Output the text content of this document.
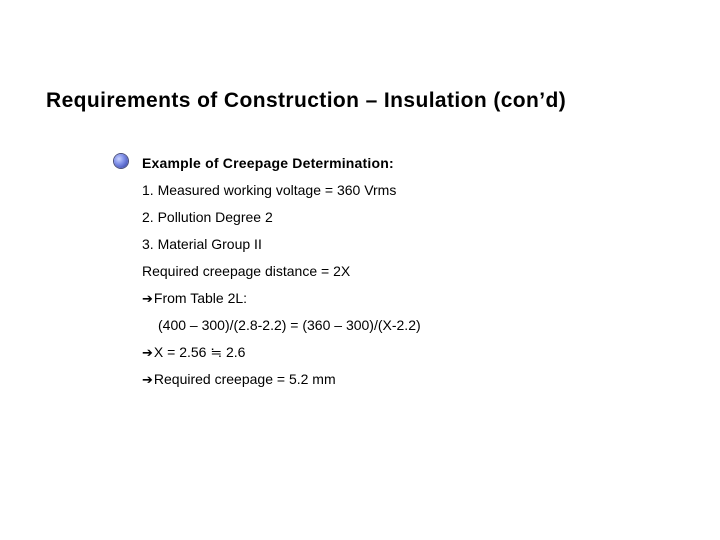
Requirements of Construction – Insulation (con’d)
Example of Creepage Determination:
1. Measured working voltage = 360 Vrms
2. Pollution Degree 2
3. Material Group II
Required creepage distance = 2X
➔From Table 2L:
(400 – 300)/(2.8-2.2) = (360 – 300)/(X-2.2)
➔X = 2.56 ≒ 2.6
➔Required creepage = 5.2 mm
